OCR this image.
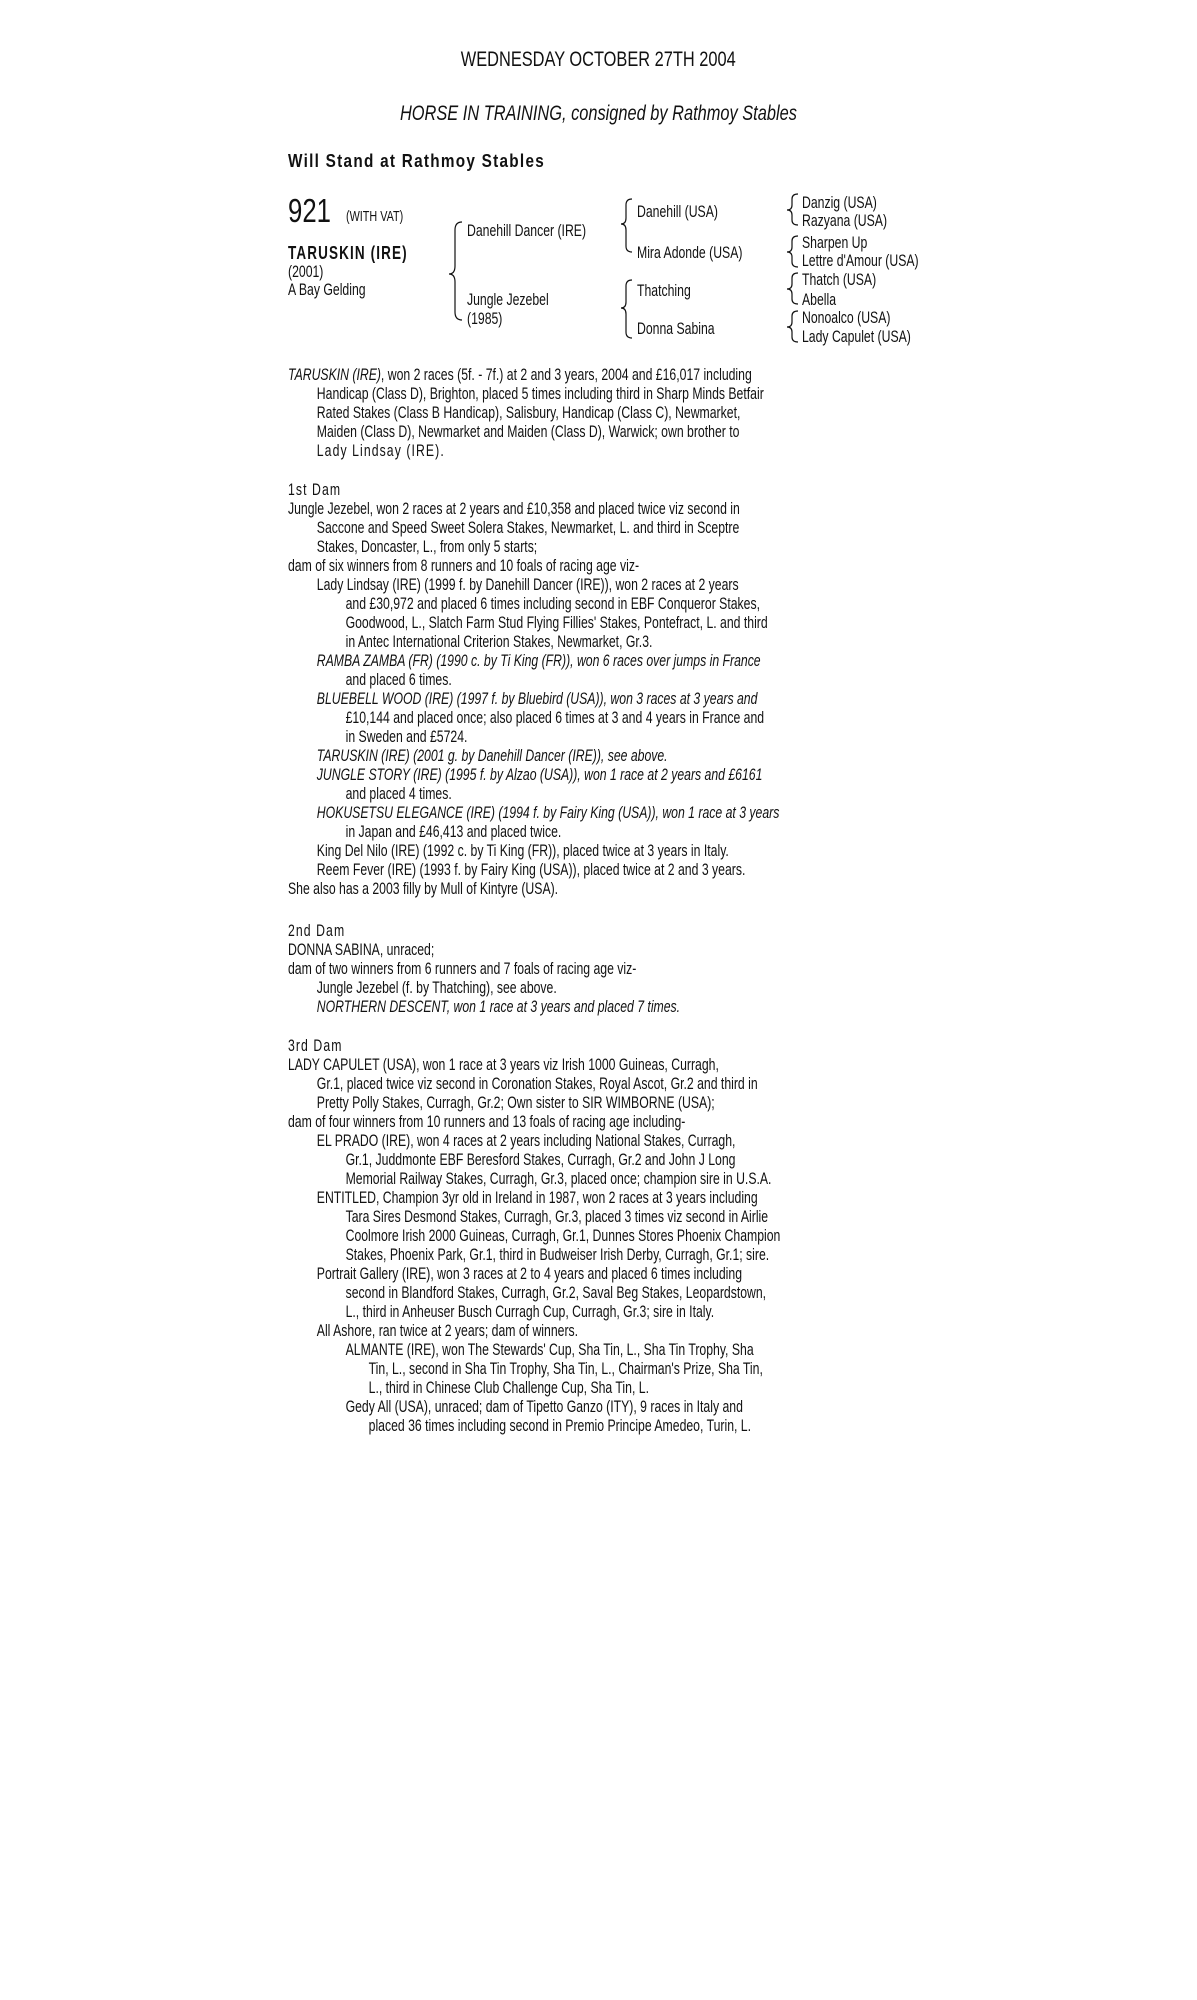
WEDNESDAY OCTOBER 27TH 2004
HORSE IN TRAINING, consigned by Rathmoy Stables
Will Stand at Rathmoy Stables
921 (WITH VAT)
TARUSKIN (IRE)
(2001)
A Bay Gelding
Danehill Dancer (IRE)
Jungle Jezebel
(1985)
Danehill (USA)
Mira Adonde (USA)
Thatching
Donna Sabina
Danzig (USA)
Razyana (USA)
Sharpen Up
Lettre d'Amour (USA)
Thatch (USA)
Abella
Nonoalco (USA)
Lady Capulet (USA)
TARUSKIN (IRE), won 2 races (5f. - 7f.) at 2 and 3 years, 2004 and £16,017 including
Handicap (Class D), Brighton, placed 5 times including third in Sharp Minds Betfair
Rated Stakes (Class B Handicap), Salisbury, Handicap (Class C), Newmarket,
Maiden (Class D), Newmarket and Maiden (Class D), Warwick; own brother to
Lady Lindsay (IRE).
1st Dam
Jungle Jezebel, won 2 races at 2 years and £10,358 and placed twice viz second in
Saccone and Speed Sweet Solera Stakes, Newmarket, L. and third in Sceptre
Stakes, Doncaster, L., from only 5 starts;
dam of six winners from 8 runners and 10 foals of racing age viz-
Lady Lindsay (IRE) (1999 f. by Danehill Dancer (IRE)), won 2 races at 2 years
and £30,972 and placed 6 times including second in EBF Conqueror Stakes,
Goodwood, L., Slatch Farm Stud Flying Fillies' Stakes, Pontefract, L. and third
in Antec International Criterion Stakes, Newmarket, Gr.3.
RAMBA ZAMBA (FR) (1990 c. by Ti King (FR)), won 6 races over jumps in France
and placed 6 times.
BLUEBELL WOOD (IRE) (1997 f. by Bluebird (USA)), won 3 races at 3 years and
£10,144 and placed once; also placed 6 times at 3 and 4 years in France and
in Sweden and £5724.
TARUSKIN (IRE) (2001 g. by Danehill Dancer (IRE)), see above.
JUNGLE STORY (IRE) (1995 f. by Alzao (USA)), won 1 race at 2 years and £6161
and placed 4 times.
HOKUSETSU ELEGANCE (IRE) (1994 f. by Fairy King (USA)), won 1 race at 3 years
in Japan and £46,413 and placed twice.
King Del Nilo (IRE) (1992 c. by Ti King (FR)), placed twice at 3 years in Italy.
Reem Fever (IRE) (1993 f. by Fairy King (USA)), placed twice at 2 and 3 years.
She also has a 2003 filly by Mull of Kintyre (USA).
2nd Dam
DONNA SABINA, unraced;
dam of two winners from 6 runners and 7 foals of racing age viz-
Jungle Jezebel (f. by Thatching), see above.
NORTHERN DESCENT, won 1 race at 3 years and placed 7 times.
3rd Dam
LADY CAPULET (USA), won 1 race at 3 years viz Irish 1000 Guineas, Curragh,
Gr.1, placed twice viz second in Coronation Stakes, Royal Ascot, Gr.2 and third in
Pretty Polly Stakes, Curragh, Gr.2; Own sister to SIR WIMBORNE (USA);
dam of four winners from 10 runners and 13 foals of racing age including-
EL PRADO (IRE), won 4 races at 2 years including National Stakes, Curragh,
Gr.1, Juddmonte EBF Beresford Stakes, Curragh, Gr.2 and John J Long
Memorial Railway Stakes, Curragh, Gr.3, placed once; champion sire in U.S.A.
ENTITLED, Champion 3yr old in Ireland in 1987, won 2 races at 3 years including
Tara Sires Desmond Stakes, Curragh, Gr.3, placed 3 times viz second in Airlie
Coolmore Irish 2000 Guineas, Curragh, Gr.1, Dunnes Stores Phoenix Champion
Stakes, Phoenix Park, Gr.1, third in Budweiser Irish Derby, Curragh, Gr.1; sire.
Portrait Gallery (IRE), won 3 races at 2 to 4 years and placed 6 times including
second in Blandford Stakes, Curragh, Gr.2, Saval Beg Stakes, Leopardstown,
L., third in Anheuser Busch Curragh Cup, Curragh, Gr.3; sire in Italy.
All Ashore, ran twice at 2 years; dam of winners.
ALMANTE (IRE), won The Stewards' Cup, Sha Tin, L., Sha Tin Trophy, Sha
Tin, L., second in Sha Tin Trophy, Sha Tin, L., Chairman's Prize, Sha Tin,
L., third in Chinese Club Challenge Cup, Sha Tin, L.
Gedy All (USA), unraced; dam of Tipetto Ganzo (ITY), 9 races in Italy and
placed 36 times including second in Premio Principe Amedeo, Turin, L.
